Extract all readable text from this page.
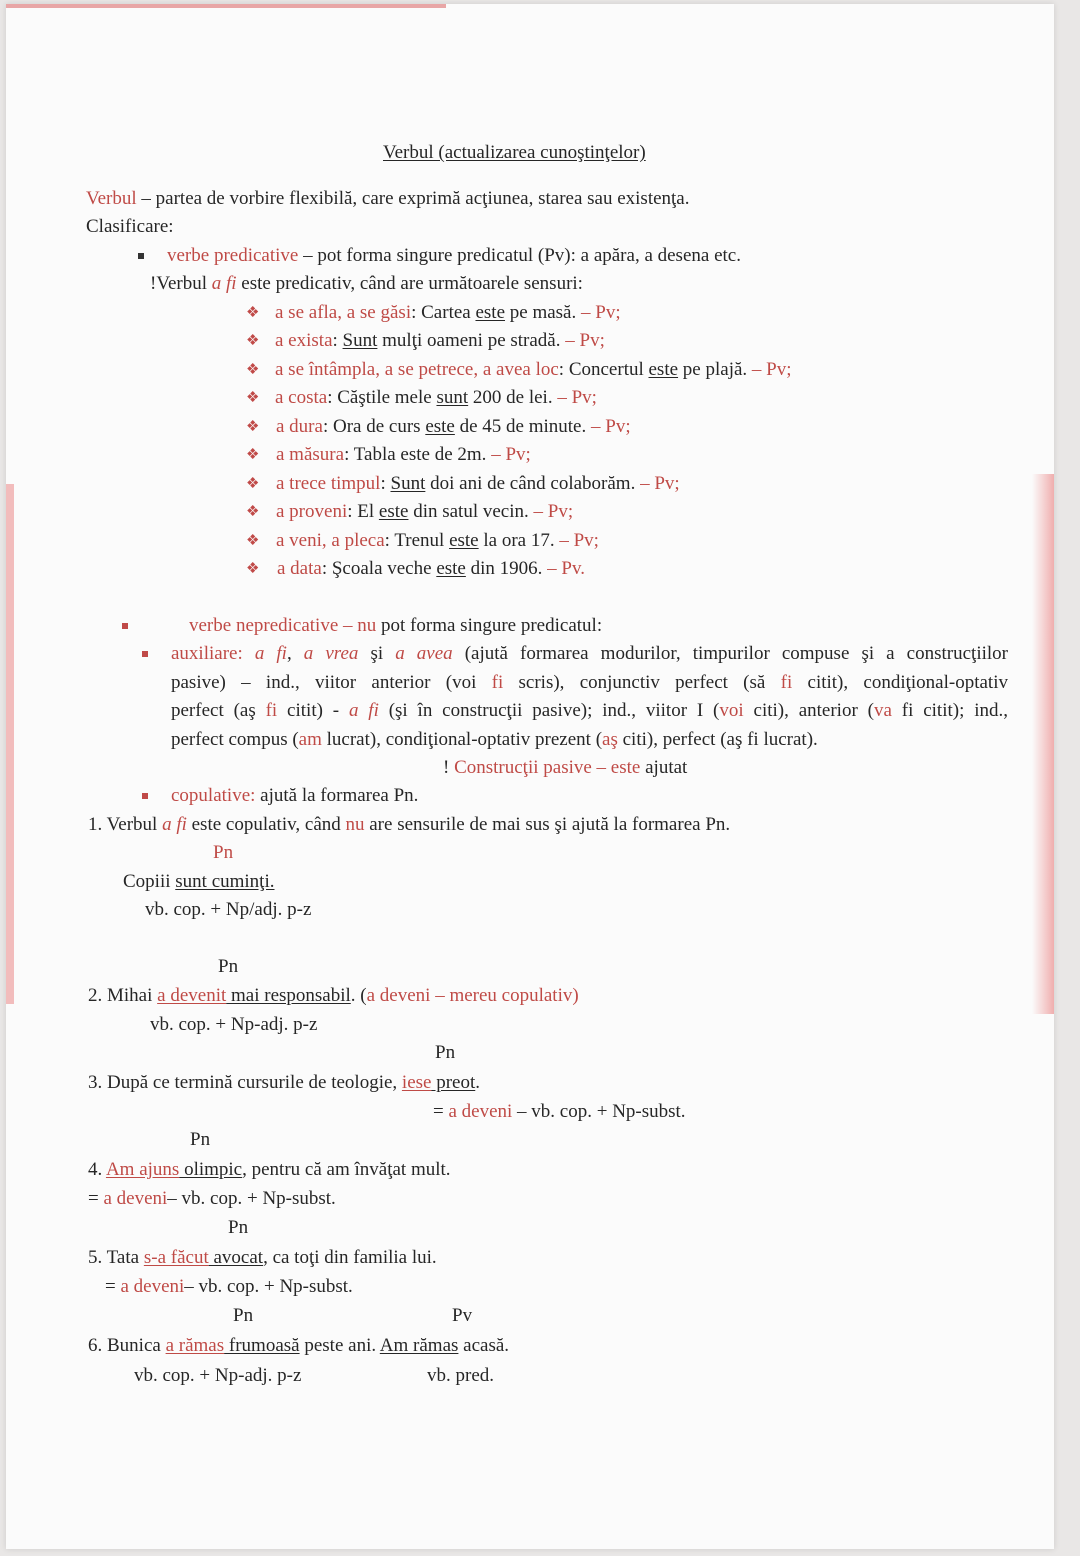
Verbul (actualizarea cunoştinţelor)
Verbul – partea de vorbire flexibilă, care exprimă acţiunea, starea sau existenţa.
Clasificare:
verbe predicative – pot forma singure predicatul (Pv): a apăra, a desena etc.
!Verbul a fi este predicativ, când are următoarele sensuri:
❖ a se afla, a se găsi: Cartea este pe masă. – Pv;
❖ a exista: Sunt mulţi oameni pe stradă. – Pv;
❖ a se întâmpla, a se petrece, a avea loc: Concertul este pe plajă. – Pv;
❖ a costa: Căştile mele sunt 200 de lei. – Pv;
❖ a dura: Ora de curs este de 45 de minute. – Pv;
❖ a măsura: Tabla este de 2m. – Pv;
❖ a trece timpul: Sunt doi ani de când colaborăm. – Pv;
❖ a proveni: El este din satul vecin. – Pv;
❖ a veni, a pleca: Trenul este la ora 17. – Pv;
❖ a data: Şcoala veche este din 1906. – Pv.
verbe nepredicative – nu pot forma singure predicatul:
auxiliare: a fi, a vrea şi a avea (ajută formarea modurilor, timpurilor compuse şi a construcţiilor
pasive) – ind., viitor anterior (voi fi scris), conjunctiv perfect (să fi citit), condiţional-optativ
perfect (aş fi citit) - a fi (şi în construcţii pasive); ind., viitor I (voi citi), anterior (va fi citit); ind.,
perfect compus (am lucrat), condiţional-optativ prezent (aş citi), perfect (aş fi lucrat).
! Construcţii pasive – este ajutat
copulative: ajută la formarea Pn.
1. Verbul a fi este copulativ, când nu are sensurile de mai sus şi ajută la formarea Pn.
Pn
Copiii sunt cuminţi.
vb. cop. + Np/adj. p-z
Pn
2. Mihai a devenit mai responsabil. (a deveni – mereu copulativ)
vb. cop. + Np-adj. p-z
Pn
3. După ce termină cursurile de teologie, iese preot.
= a deveni – vb. cop. + Np-subst.
Pn
4. Am ajuns olimpic, pentru că am învăţat mult.
= a deveni– vb. cop. + Np-subst.
Pn
5. Tata s-a făcut avocat, ca toţi din familia lui.
= a deveni– vb. cop. + Np-subst.
Pn	Pv
6. Bunica a rămas frumoasă peste ani. Am rămas acasă.
vb. cop. + Np-adj. p-z	vb. pred.
